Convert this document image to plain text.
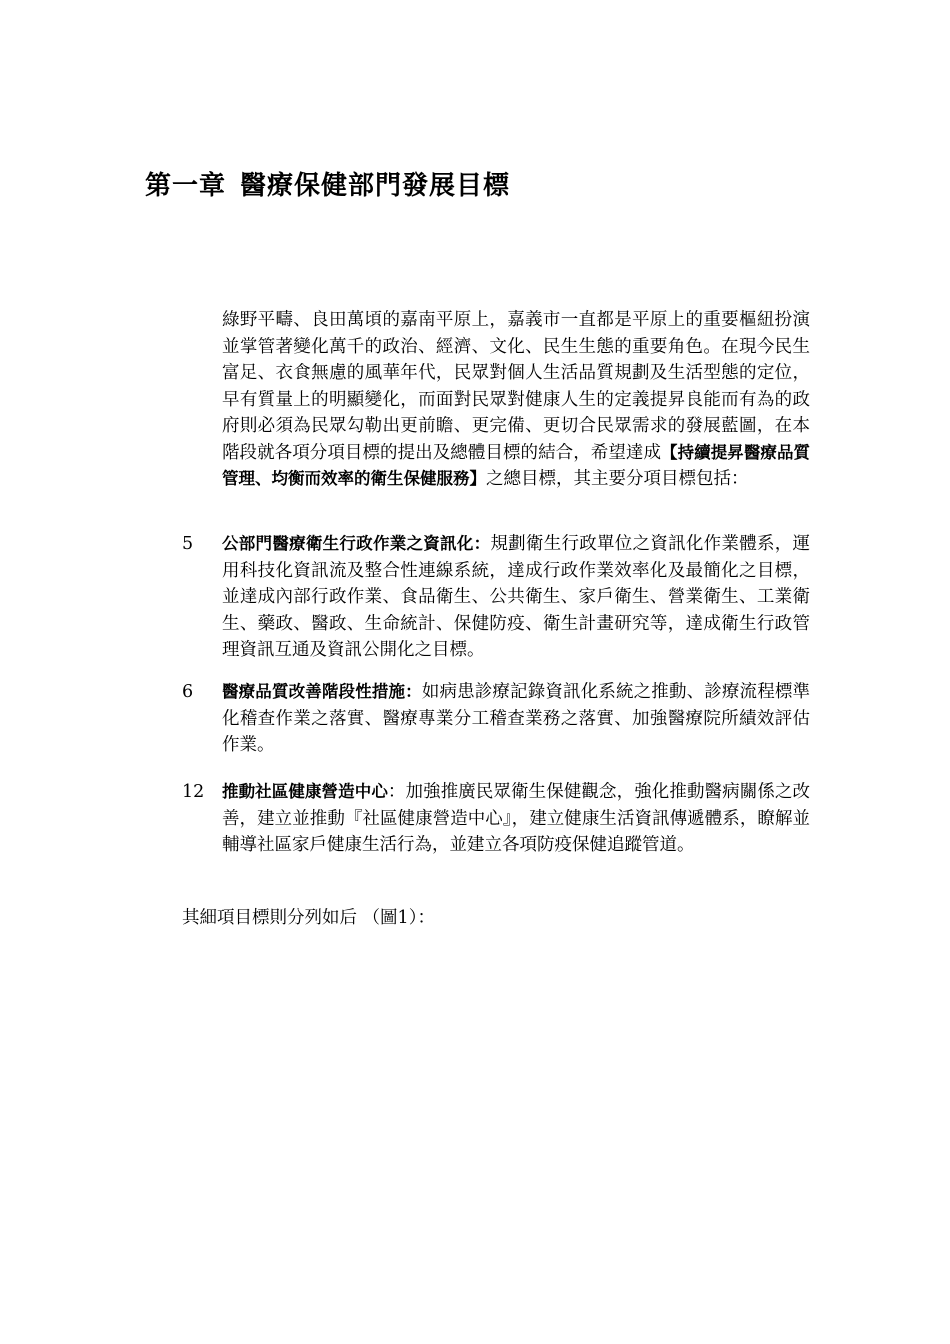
第一章 醫療保健部門發展目標

綠野平疇、良田萬頃的嘉南平原上，嘉義市一直都是平原上的重要樞紐扮演並掌管著變化萬千的政治、經濟、文化、民生生態的重要角色。在現今民生富足、衣食無慮的風華年代，民眾對個人生活品質規劃及生活型態的定位，早有質量上的明顯變化，而面對民眾對健康人生的定義提昇良能而有為的政府則必須為民眾勾勒出更前瞻、更完備、更切合民眾需求的發展藍圖，在本階段就各項分項目標的提出及總體目標的結合，希望達成【持續提昇醫療品質管理、均衡而效率的衛生保健服務】之總目標，其主要分項目標包括：

5	公部門醫療衛生行政作業之資訊化：規劃衛生行政單位之資訊化作業體系，運用科技化資訊流及整合性連線系統，達成行政作業效率化及最簡化之目標，並達成內部行政作業、食品衛生、公共衛生、家戶衛生、營業衛生、工業衛生、藥政、醫政、生命統計、保健防疫、衛生計畫研究等，達成衛生行政管理資訊互通及資訊公開化之目標。
6	醫療品質改善階段性措施：如病患診療記錄資訊化系統之推動、診療流程標準化稽查作業之落實、醫療專業分工稽查業務之落實、加強醫療院所績效評估作業。
12	推動社區健康營造中心：加強推廣民眾衛生保健觀念，強化推動醫病關係之改善，建立並推動『社區健康營造中心』，建立健康生活資訊傳遞體系，瞭解並輔導社區家戶健康生活行為，並建立各項防疫保健追蹤管道。

其細項目標則分列如后 （圖1）：
